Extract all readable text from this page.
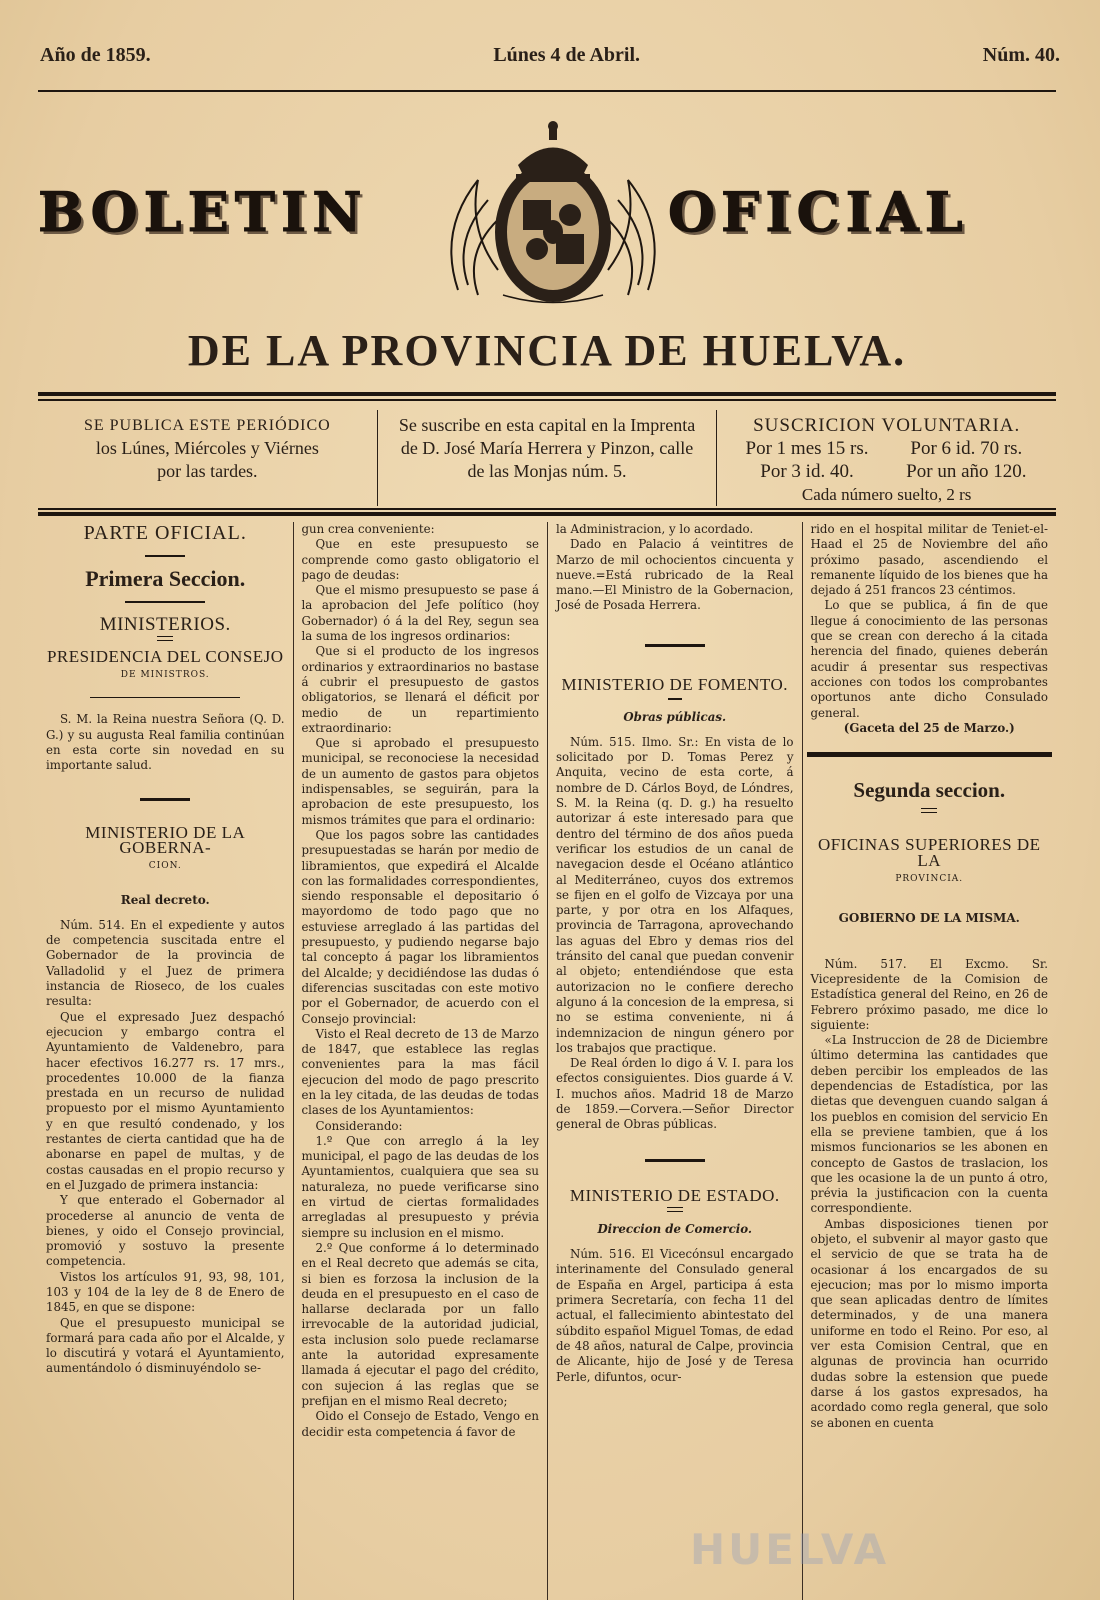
Año de 1859.	Lúnes 4 de Abril.	Núm. 40.
BOLETIN	OFICIAL
DE LA PROVINCIA DE HUELVA.
SE PUBLICA ESTE PERIÓDICO
los Lúnes, Miércoles y Viérnes
por las tardes.
Se suscribe en esta capital en la Imprenta
de D. José María Herrera y Pinzon, calle
de las Monjas núm. 5.
SUSCRICION VOLUNTARIA.
Por 1 mes 15 rs.	Por 6 id. 70 rs.
Por 3 id. 40.	Por un año 120.
Cada número suelto, 2 rs
PARTE OFICIAL.
Primera Seccion.
MINISTERIOS.
PRESIDENCIA DEL CONSEJO
DE MINISTROS.

S. M. la Reina nuestra Señora (Q. D. G.) y su augusta Real familia continúan en esta corte sin novedad en su importante salud.

MINISTERIO DE LA GOBERNA-
CION.
Real decreto.

Núm. 514. En el expediente y autos de competencia suscitada entre el Gobernador de la provincia de Valladolid y el Juez de primera instancia de Rioseco, de los cuales resulta:

Que el expresado Juez despachó ejecucion y embargo contra el Ayuntamiento de Valdenebro, para hacer efectivos 16.277 rs. 17 mrs., procedentes 10.000 de la fianza prestada en un recurso de nulidad propuesto por el mismo Ayuntamiento y en que resultó condenado, y los restantes de cierta cantidad que ha de abonarse en papel de multas, y de costas causadas en el propio recurso y en el Juzgado de primera instancia:

Y que enterado el Gobernador al procederse al anuncio de venta de bienes, y oido el Consejo provincial, promovió y sostuvo la presente competencia.

Vistos los artículos 91, 93, 98, 101, 103 y 104 de la ley de 8 de Enero de 1845, en que se dispone:

Que el presupuesto municipal se formará para cada año por el Alcalde, y lo discutirá y votará el Ayuntamiento, aumentándolo ó disminuyéndolo se-

gun crea conveniente:

Que en este presupuesto se comprende como gasto obligatorio el pago de deudas:

Que el mismo presupuesto se pase á la aprobacion del Jefe político (hoy Gobernador) ó á la del Rey, segun sea la suma de los ingresos ordinarios:

Que si el producto de los ingresos ordinarios y extraordinarios no bastase á cubrir el presupuesto de gastos obligatorios, se llenará el déficit por medio de un repartimiento extraordinario:

Que si aprobado el presupuesto municipal, se reconociese la necesidad de un aumento de gastos para objetos indispensables, se seguirán, para la aprobacion de este presupuesto, los mismos trámites que para el ordinario:

Que los pagos sobre las cantidades presupuestadas se harán por medio de libramientos, que expedirá el Alcalde con las formalidades correspondientes, siendo responsable el depositario ó mayordomo de todo pago que no estuviese arreglado á las partidas del presupuesto, y pudiendo negarse bajo tal concepto á pagar los libramientos del Alcalde; y decidiéndose las dudas ó diferencias suscitadas con este motivo por el Gobernador, de acuerdo con el Consejo provincial:

Visto el Real decreto de 13 de Marzo de 1847, que establece las reglas convenientes para la mas fácil ejecucion del modo de pago prescrito en la ley citada, de las deudas de todas clases de los Ayuntamientos:

Considerando:

1.º Que con arreglo á la ley municipal, el pago de las deudas de los Ayuntamientos, cualquiera que sea su naturaleza, no puede verificarse sino en virtud de ciertas formalidades arregladas al presupuesto y prévia siempre su inclusion en el mismo.

2.º Que conforme á lo determinado en el Real decreto que además se cita, si bien es forzosa la inclusion de la deuda en el presupuesto en el caso de hallarse declarada por un fallo irrevocable de la autoridad judicial, esta inclusion solo puede reclamarse ante la autoridad expresamente llamada á ejecutar el pago del crédito, con sujecion á las reglas que se prefijan en el mismo Real decreto;

Oido el Consejo de Estado, Vengo en decidir esta competencia á favor de

la Administracion, y lo acordado.

Dado en Palacio á veintitres de Marzo de mil ochocientos cincuenta y nueve.=Está rubricado de la Real mano.—El Ministro de la Gobernacion, José de Posada Herrera.

MINISTERIO DE FOMENTO.
Obras públicas.

Núm. 515. Ilmo. Sr.: En vista de lo solicitado por D. Tomas Perez y Anquita, vecino de esta corte, á nombre de D. Cárlos Boyd, de Lóndres, S. M. la Reina (q. D. g.) ha resuelto autorizar á este interesado para que dentro del término de dos años pueda verificar los estudios de un canal de navegacion desde el Océano atlántico al Mediterráneo, cuyos dos extremos se fijen en el golfo de Vizcaya por una parte, y por otra en los Alfaques, provincia de Tarragona, aprovechando las aguas del Ebro y demas rios del tránsito del canal que puedan convenir al objeto; entendiéndose que esta autorizacion no le confiere derecho alguno á la concesion de la empresa, si no se estima conveniente, ni á indemnizacion de ningun género por los trabajos que practique.

De Real órden lo digo á V. I. para los efectos consiguientes. Dios guarde á V. I. muchos años. Madrid 18 de Marzo de 1859.—Corvera.—Señor Director general de Obras públicas.

MINISTERIO DE ESTADO.
Direccion de Comercio.

Núm. 516. El Vicecónsul encargado interinamente del Consulado general de España en Argel, participa á esta primera Secretaría, con fecha 11 del actual, el fallecimiento abintestato del súbdito español Miguel Tomas, de edad de 48 años, natural de Calpe, provincia de Alicante, hijo de José y de Teresa Perle, difuntos, ocur-

rido en el hospital militar de Teniet-el-Haad el 25 de Noviembre del año próximo pasado, ascendiendo el remanente líquido de los bienes que ha dejado á 251 francos 23 céntimos.

Lo que se publica, á fin de que llegue á conocimiento de las personas que se crean con derecho á la citada herencia del finado, quienes deberán acudir á presentar sus respectivas acciones con todos los comprobantes oportunos ante dicho Consulado general.

(Gaceta del 25 de Marzo.)

Segunda seccion.
OFICINAS SUPERIORES DE LA
PROVINCIA.
GOBIERNO DE LA MISMA.

Núm. 517. El Excmo. Sr. Vicepresidente de la Comision de Estadística general del Reino, en 26 de Febrero próximo pasado, me dice lo siguiente:

«La Instruccion de 28 de Diciembre último determina las cantidades que deben percibir los empleados de las dependencias de Estadística, por las dietas que devenguen cuando salgan á los pueblos en comision del servicio En ella se previene tambien, que á los mismos funcionarios se les abonen en concepto de Gastos de traslacion, los que les ocasione la de un punto á otro, prévia la justificacion con la cuenta correspondiente.

Ambas disposiciones tienen por objeto, el subvenir al mayor gasto que el servicio de que se trata ha de ocasionar á los encargados de su ejecucion; mas por lo mismo importa que sean aplicadas dentro de límites determinados, y de una manera uniforme en todo el Reino. Por eso, al ver esta Comision Central, que en algunas de provincia han ocurrido dudas sobre la estension que puede darse á los gastos expresados, ha acordado como regla general, que solo se abonen en cuenta

HUELVA
